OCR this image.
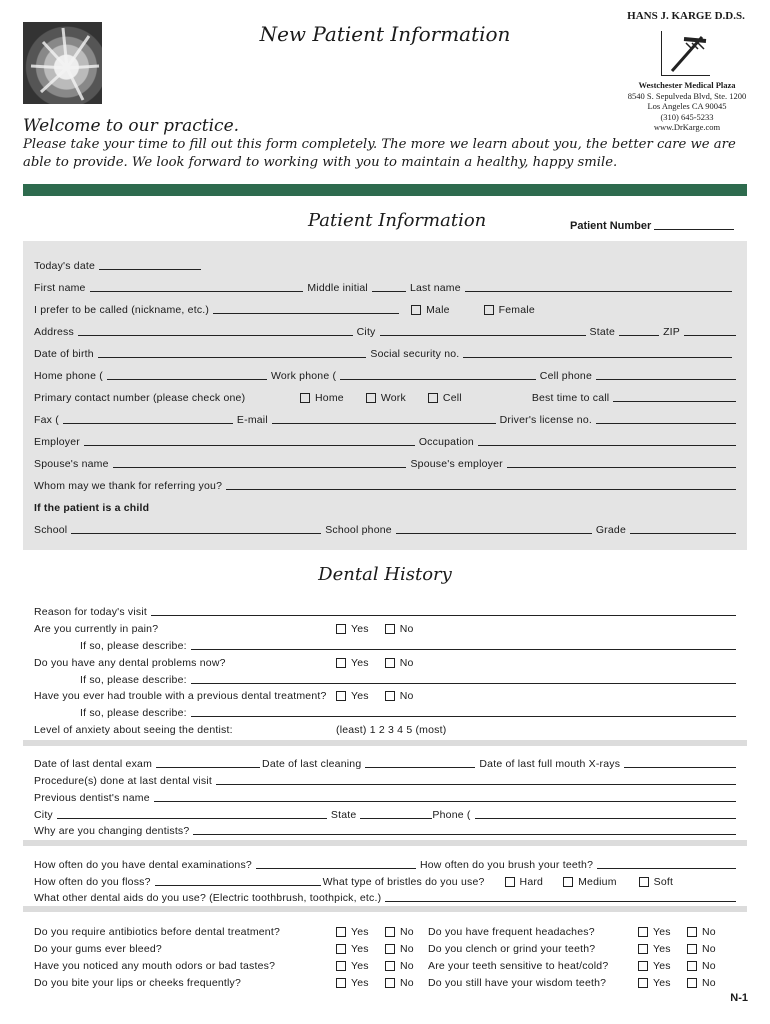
New Patient Information
HANS J. KARGE D.D.S.
Westchester Medical Plaza
8540 S. Sepulveda Blvd, Ste. 1200
Los Angeles CA 90045
(310) 645-5233
www.DrKarge.com
Welcome to our practice.
Please take your time to fill out this form completely. The more we learn about you, the better care we are able to provide. We look forward to working with you to maintain a healthy, happy smile.
Patient Information	Patient Number
Today's date
First name	Middle initial	Last name
I prefer to be called (nickname, etc.)	Male	Female
Address	City	State	ZIP
Date of birth	Social security no.
Home phone (	Work phone (	Cell phone
Primary contact number (please check one)	Home	Work	Cell	Best time to call
Fax (	E-mail	Driver's license no.
Employer	Occupation
Spouse's name	Spouse's employer
Whom may we thank for referring you?
If the patient is a child
School	School phone	Grade
Dental History
Reason for today's visit
Are you currently in pain?	Yes	No
If so, please describe:
Do you have any dental problems now?	Yes	No
If so, please describe:
Have you ever had trouble with a previous dental treatment? Yes	No
If so, please describe:
Level of anxiety about seeing the dentist:	(least) 1 2 3 4 5 (most)
Date of last dental exam	Date of last cleaning	Date of last full mouth X-rays
Procedure(s) done at last dental visit
Previous dentist's name
City	State	Phone (
Why are you changing dentists?
How often do you have dental examinations?	How often do you brush your teeth?
How often do you floss?	What type of bristles do you use?	Hard	Medium	Soft
What other dental aids do you use? (Electric toothbrush, toothpick, etc.)
Do you require antibiotics before dental treatment?	Yes	No	Do you have frequent headaches?	Yes	No
Do your gums ever bleed?	Yes	No	Do you clench or grind your teeth?	Yes	No
Have you noticed any mouth odors or bad tastes?	Yes	No	Are your teeth sensitive to heat/cold?	Yes	No
Do you bite your lips or cheeks frequently?	Yes	No	Do you still have your wisdom teeth?	Yes	No
N-1
